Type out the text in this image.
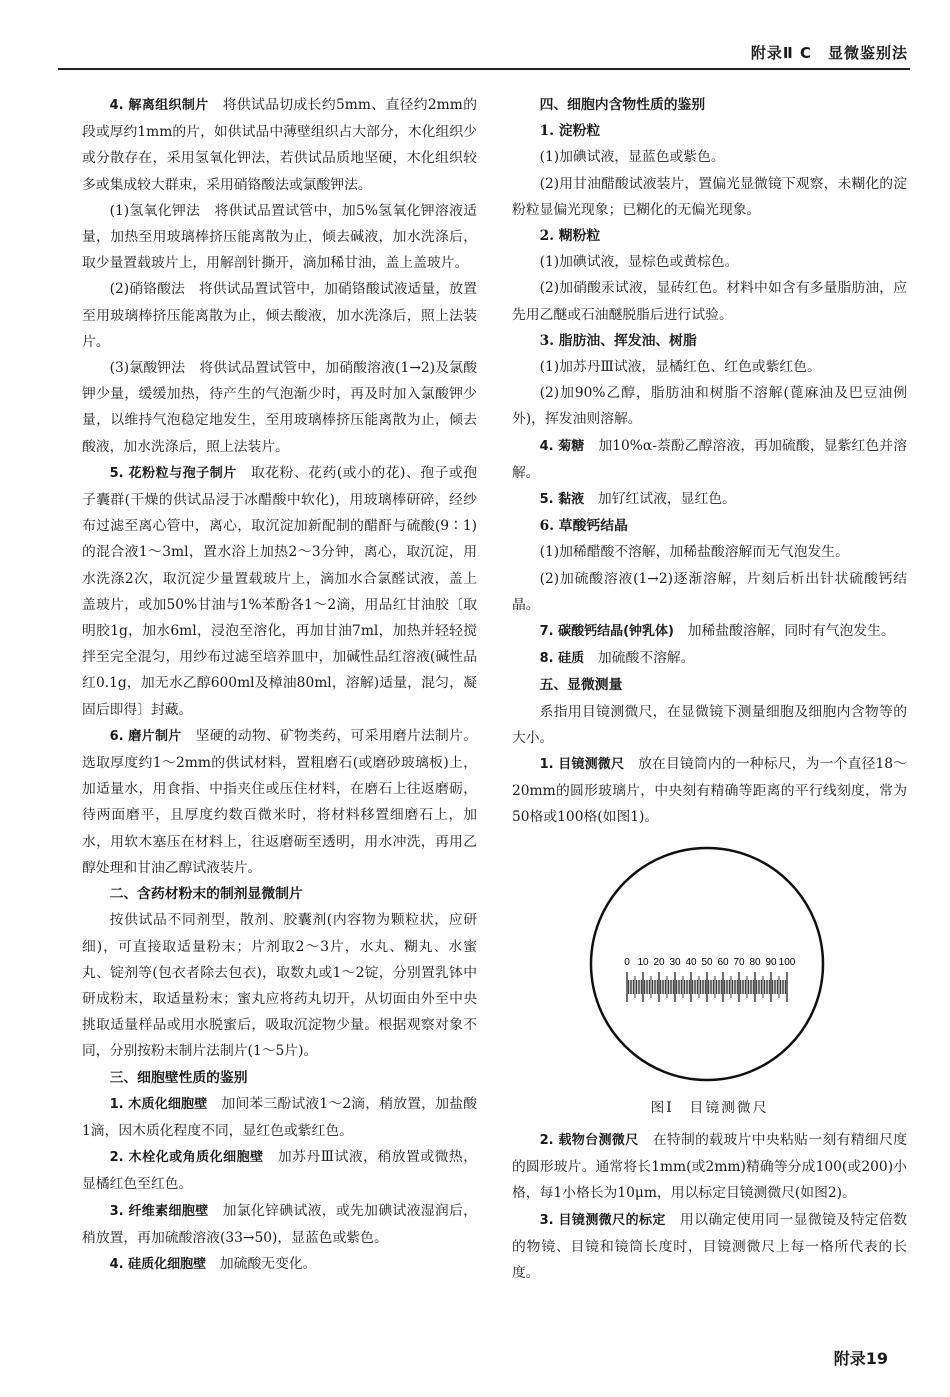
附录Ⅱ C　显微鉴别法

4. 解离组织制片　 将供试品切成长约5mm、直径约2mm的段或厚约1mm的片，如供试品中薄壁组织占大部分，木化组织少或分散存在，采用氢氧化钾法，若供试品质地坚硬，木化组织较多或集成较大群束，采用硝铬酸法或氯酸钾法。

(1)氢氧化钾法　 将供试品置试管中，加5%氢氧化钾溶液适量，加热至用玻璃棒挤压能离散为止，倾去碱液，加水洗涤后，取少量置载玻片上，用解剖针撕开，滴加稀甘油，盖上盖玻片。

(2)硝铬酸法　 将供试品置试管中，加硝铬酸试液适量，放置至用玻璃棒挤压能离散为止，倾去酸液，加水洗涤后，照上法装片。

(3)氯酸钾法　 将供试品置试管中，加硝酸溶液(1→2)及氯酸钾少量，缓缓加热，待产生的气泡渐少时，再及时加入氯酸钾少量，以维持气泡稳定地发生，至用玻璃棒挤压能离散为止，倾去酸液，加水洗涤后，照上法装片。

5. 花粉粒与孢子制片　 取花粉、花药(或小的花)、孢子或孢子囊群(干燥的供试品浸于冰醋酸中软化)，用玻璃棒研碎，经纱布过滤至离心管中，离心，取沉淀加新配制的醋酐与硫酸(9∶1)的混合液1～3ml，置水浴上加热2～3分钟，离心，取沉淀，用水洗涤2次，取沉淀少量置载玻片上，滴加水合氯醛试液，盖上盖玻片，或加50%甘油与1%苯酚各1～2滴，用品红甘油胶〔取明胶1g，加水6ml，浸泡至溶化，再加甘油7ml，加热并轻轻搅拌至完全混匀，用纱布过滤至培养皿中，加碱性品红溶液(碱性品红0.1g，加无水乙醇600ml及樟油80ml，溶解)适量，混匀，凝固后即得〕封藏。

6. 磨片制片　 坚硬的动物、矿物类药，可采用磨片法制片。选取厚度约1～2mm的供试材料，置粗磨石(或磨砂玻璃板)上，加适量水，用食指、中指夹住或压住材料，在磨石上往返磨砺，待两面磨平，且厚度约数百微米时，将材料移置细磨石上，加水，用软木塞压在材料上，往返磨砺至透明，用水冲洗，再用乙醇处理和甘油乙醇试液装片。

二、含药材粉末的制剂显微制片

按供试品不同剂型，散剂、胶囊剂(内容物为颗粒状，应研细)，可直接取适量粉末；片剂取2～3片，水丸、糊丸、水蜜丸、锭剂等(包衣者除去包衣)，取数丸或1～2锭，分别置乳钵中研成粉末，取适量粉末；蜜丸应将药丸切开，从切面由外至中央挑取适量样品或用水脱蜜后，吸取沉淀物少量。根据观察对象不同，分别按粉末制片法制片(1～5片)。

三、细胞壁性质的鉴别

1. 木质化细胞壁　 加间苯三酚试液1～2滴，稍放置，加盐酸1滴，因木质化程度不同，显红色或紫红色。

2. 木栓化或角质化细胞壁　 加苏丹Ⅲ试液，稍放置或微热，显橘红色至红色。

3. 纤维素细胞壁　 加氯化锌碘试液，或先加碘试液湿润后，稍放置，再加硫酸溶液(33→50)，显蓝色或紫色。

4. 硅质化细胞壁　 加硫酸无变化。

四、细胞内含物性质的鉴别

1. 淀粉粒

(1)加碘试液，显蓝色或紫色。

(2)用甘油醋酸试液装片，置偏光显微镜下观察，未糊化的淀粉粒显偏光现象；已糊化的无偏光现象。

2. 糊粉粒

(1)加碘试液，显棕色或黄棕色。

(2)加硝酸汞试液，显砖红色。材料中如含有多量脂肪油，应先用乙醚或石油醚脱脂后进行试验。

3. 脂肪油、挥发油、树脂

(1)加苏丹Ⅲ试液，显橘红色、红色或紫红色。

(2)加90%乙醇，脂肪油和树脂不溶解(蓖麻油及巴豆油例外)，挥发油则溶解。

4. 菊糖　 加10%α-萘酚乙醇溶液，再加硫酸，显紫红色并溶解。

5. 黏液　 加钌红试液，显红色。

6. 草酸钙结晶

(1)加稀醋酸不溶解，加稀盐酸溶解而无气泡发生。

(2)加硫酸溶液(1→2)逐渐溶解，片刻后析出针状硫酸钙结晶。

7. 碳酸钙结晶(钟乳体)　 加稀盐酸溶解，同时有气泡发生。

8. 硅质　 加硫酸不溶解。

五、显微测量

系指用目镜测微尺，在显微镜下测量细胞及细胞内含物等的大小。

1. 目镜测微尺　 放在目镜筒内的一种标尺，为一个直径18～20mm的圆形玻璃片，中央刻有精确等距离的平行线刻度，常为50格或100格(如图1)。

0 10 20 30 40 50 60 70 80 90 100
图Ⅰ　目镜测微尺

2. 载物台测微尺　 在特制的载玻片中央粘贴一刻有精细尺度的圆形玻片。通常将长1mm(或2mm)精确等分成100(或200)小格，每1小格长为10μm，用以标定目镜测微尺(如图2)。

3. 目镜测微尺的标定　 用以确定使用同一显微镜及特定倍数的物镜、目镜和镜筒长度时，目镜测微尺上每一格所代表的长度。

附录19
